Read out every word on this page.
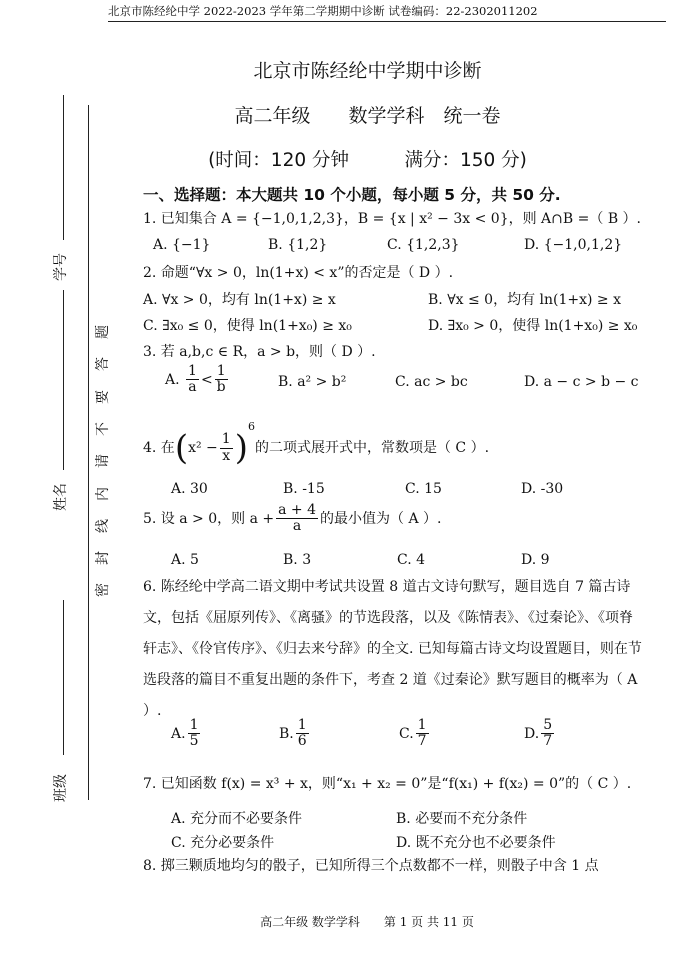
北京市陈经纶中学 2022-2023 学年第二学期期中诊断 试卷编码：22-2302011202
北京市陈经纶中学期中诊断
高二年级　　数学学科　统一卷
(时间：120 分钟　　　满分：150 分)
一、选择题：本大题共 10 个小题，每小题 5 分，共 50 分.
学号
姓名
班级
题
答
要
不
请
内
线
封
密
1. 已知集合 A = {−1,0,1,2,3}，B = {x | x² − 3x < 0}，则 A∩B =（ B ）.
A. {−1}	B. {1,2}	C. {1,2,3}	D. {−1,0,1,2}
2. 命题“∀x > 0，ln(1+x) < x”的否定是（ D ）.
A. ∀x > 0，均有 ln(1+x) ≥ x	B. ∀x ≤ 0，均有 ln(1+x) ≥ x
C. ∃x₀ ≤ 0，使得 ln(1+x₀) ≥ x₀	D. ∃x₀ > 0，使得 ln(1+x₀) ≥ x₀
3. 若 a,b,c ∈ R，a > b，则（ D ）.
A. $\frac{1}{a} < \frac{1}{b}$	B. a² > b²	C. ac > bc	D. a − c > b − c
4. 在$(x^2 - \frac{1}{x} )^6$的二项式展开式中，常数项是（ C ）.
A. 30	B. -15	C. 15	D. -30
5. 设 a > 0，则 $a + \frac{a + 4}{a}$ 的最小值为（ A ）.
A. 5	B. 3	C. 4	D. 9
6. 陈经纶中学高二语文期中考试共设置 8 道古文诗句默写，题目选自 7 篇古诗文，包括《屈原列传》、《离骚》的节选段落，以及《陈情表》、《过秦论》、《项脊轩志》、《伶官传序》、《归去来兮辞》的全文. 已知每篇古诗文均设置题目，则在节选段落的篇目不重复出题的条件下，考查 2 道《过秦论》默写题目的概率为（ A ）.
A. $\frac{1}{5}$	B. $\frac{1}{6}$	C. $\frac{1}{7}$	D. $\frac{5}{7}$
7. 已知函数 f(x) = x³ + x，则“x₁ + x₂ = 0”是“f(x₁) + f(x₂) = 0”的（ C ）.
A. 充分而不必要条件	B. 必要而不充分条件
C. 充分必要条件	D. 既不充分也不必要条件
8. 掷三颗质地均匀的骰子，已知所得三个点数都不一样，则骰子中含 1 点
高二年级 数学学科　　第 1 页 共 11 页
